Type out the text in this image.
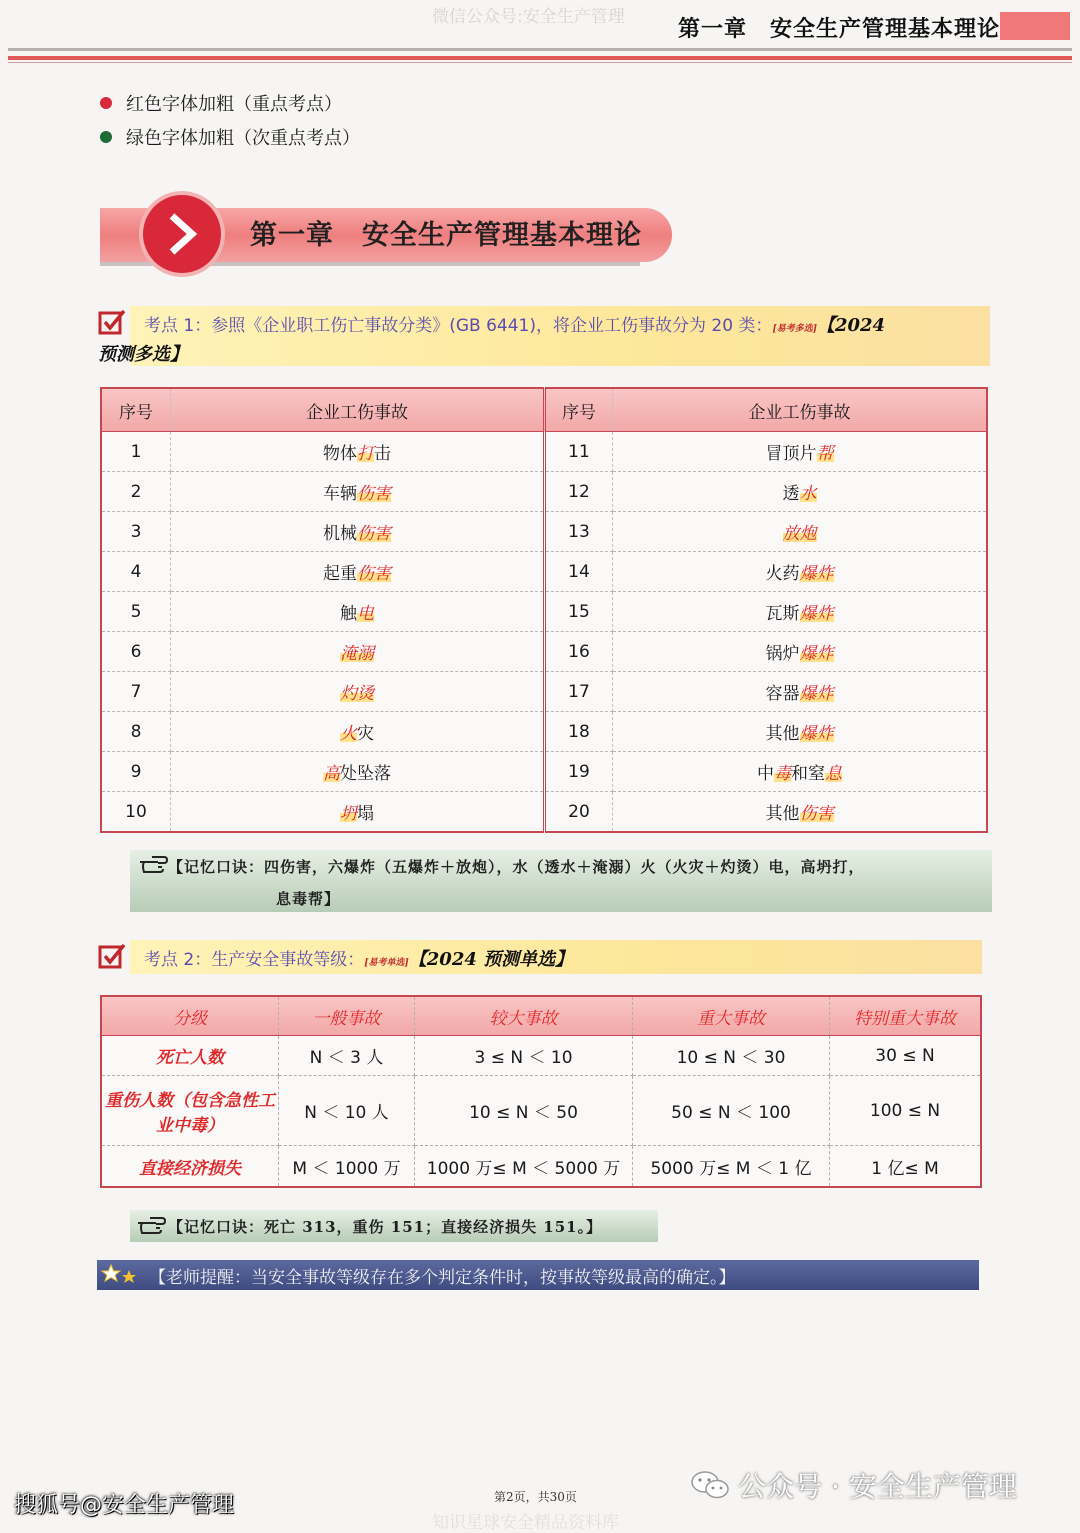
微信公众号:安全生产管理 第一章　安全生产管理基本理论
红色字体加粗（重点考点）
绿色字体加粗（次重点考点）
第一章　安全生产管理基本理论
考点 1：参照《企业职工伤亡事故分类》(GB 6441)，将企业工伤事故分为 20 类：[易考多选]【2024
预测多选】
序号	企业工伤事故	序号	企业工伤事故
1	物体打击	11	冒顶片帮
2	车辆伤害	12	透水
3	机械伤害	13	放炮
4	起重伤害	14	火药爆炸
5	触电	15	瓦斯爆炸
6	淹溺	16	锅炉爆炸
7	灼烫	17	容器爆炸
8	火灾	18	其他爆炸
9	高处坠落	19	中毒和窒息
10	坍塌	20	其他伤害
【记忆口诀：四伤害，六爆炸（五爆炸＋放炮），水（透水＋淹溺）火（火灾＋灼烫）电，高坍打，
息毒帮】
考点 2：生产安全事故等级：[易考单选]【2024 预测单选】
分级	一般事故	较大事故	重大事故	特别重大事故
死亡人数	N ＜ 3 人	3 ≤ N ＜ 10	10 ≤ N ＜ 30	30 ≤ N
重伤人数（包含急性工业中毒）	N ＜ 10 人	10 ≤ N ＜ 50	50 ≤ N ＜ 100	100 ≤ N
直接经济损失	M ＜ 1000 万	1000 万≤ M ＜ 5000 万	5000 万≤ M ＜ 1 亿	1 亿≤ M
【记忆口诀：死亡 313，重伤 151；直接经济损失 151。】
【老师提醒：当安全事故等级存在多个判定条件时，按事故等级最高的确定。】
公众号 · 安全生产管理
搜狐号@安全生产管理	第2页，共30页
知识星球安全精品资料库
